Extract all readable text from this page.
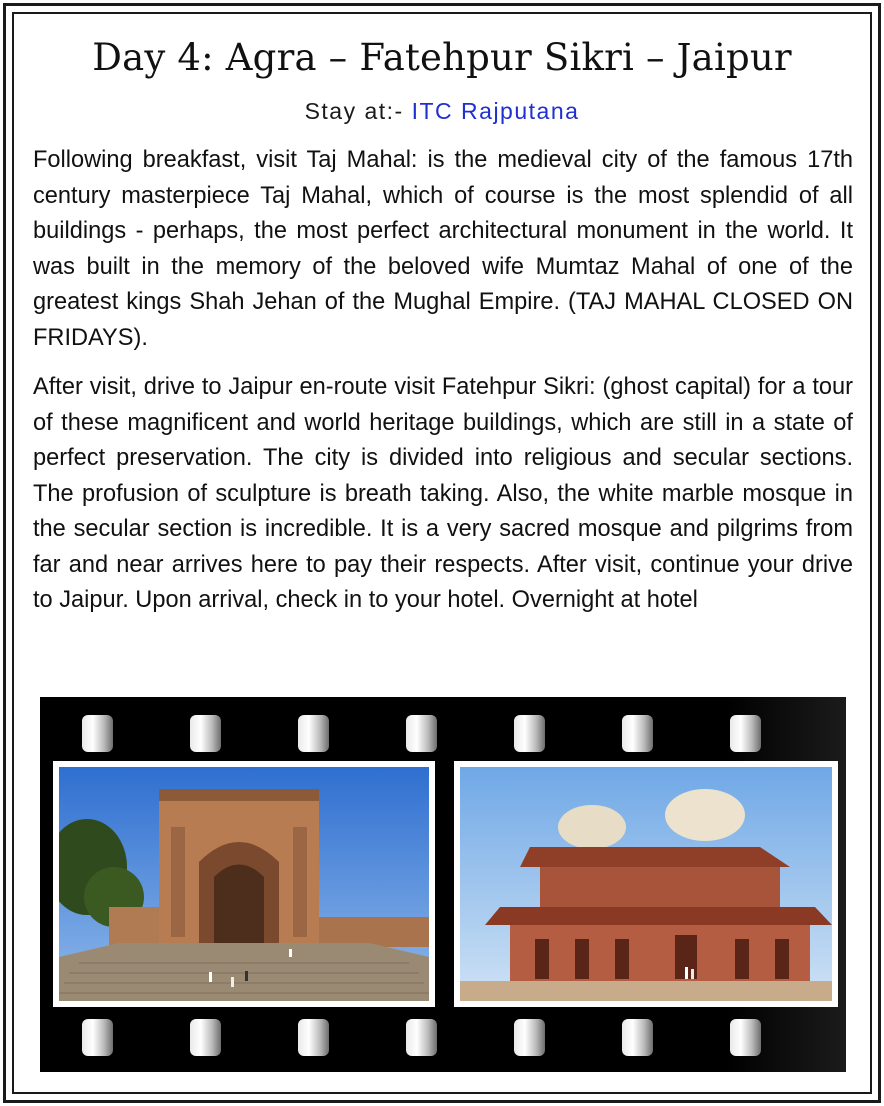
Day 4: Agra – Fatehpur Sikri – Jaipur
Stay at:- ITC Rajputana

Following breakfast, visit Taj Mahal: is the medieval city of the famous 17th century masterpiece Taj Mahal, which of course is the most splendid of all buildings - perhaps, the most perfect architectural monument in the world. It was built in the memory of the beloved wife Mumtaz Mahal of one of the greatest kings Shah Jehan of the Mughal Empire. (TAJ MAHAL CLOSED ON FRIDAYS).

After visit, drive to Jaipur en-route visit Fatehpur Sikri: (ghost capital) for a tour of these magnificent and world heritage buildings, which are still in a state of perfect preservation. The city is divided into religious and secular sections. The profusion of sculpture is breath taking. Also, the white marble mosque in the secular section is incredible. It is a very sacred mosque and pilgrims from far and near arrives here to pay their respects. After visit, continue your drive to Jaipur. Upon arrival, check in to your hotel. Overnight at hotel
